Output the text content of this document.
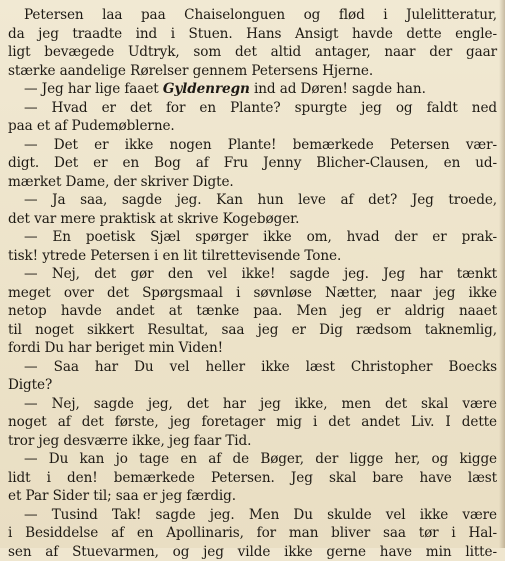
Petersen laa paa Chaiselonguen og flød i Julelitteratur,
da jeg traadte ind i Stuen. Hans Ansigt havde dette engle-
ligt bevægede Udtryk, som det altid antager, naar der gaar
stærke aandelige Rørelser gennem Petersens Hjerne.
— Jeg har lige faaet Gyldenregn ind ad Døren! sagde han.
— Hvad er det for en Plante? spurgte jeg og faldt ned
paa et af Pudemøblerne.
— Det er ikke nogen Plante! bemærkede Petersen vær-
digt. Det er en Bog af Fru Jenny Blicher-Clausen, en ud-
mærket Dame, der skriver Digte.
— Ja saa, sagde jeg. Kan hun leve af det? Jeg troede,
det var mere praktisk at skrive Kogebøger.
— En poetisk Sjæl spørger ikke om, hvad der er prak-
tisk! ytrede Petersen i en lit tilrettevisende Tone.
— Nej, det gør den vel ikke! sagde jeg. Jeg har tænkt
meget over det Spørgsmaal i søvnløse Nætter, naar jeg ikke
netop havde andet at tænke paa. Men jeg er aldrig naaet
til noget sikkert Resultat, saa jeg er Dig rædsom taknemlig,
fordi Du har beriget min Viden!
— Saa har Du vel heller ikke læst Christopher Boecks
Digte?
— Nej, sagde jeg, det har jeg ikke, men det skal være
noget af det første, jeg foretager mig i det andet Liv. I dette
tror jeg desværre ikke, jeg faar Tid.
— Du kan jo tage en af de Bøger, der ligge her, og kigge
lidt i den! bemærkede Petersen. Jeg skal bare have læst
et Par Sider til; saa er jeg færdig.
— Tusind Tak! sagde jeg. Men Du skulde vel ikke være
i Besiddelse af en Apollinaris, for man bliver saa tør i Hal-
sen af Stuevarmen, og jeg vilde ikke gerne have min litte-
